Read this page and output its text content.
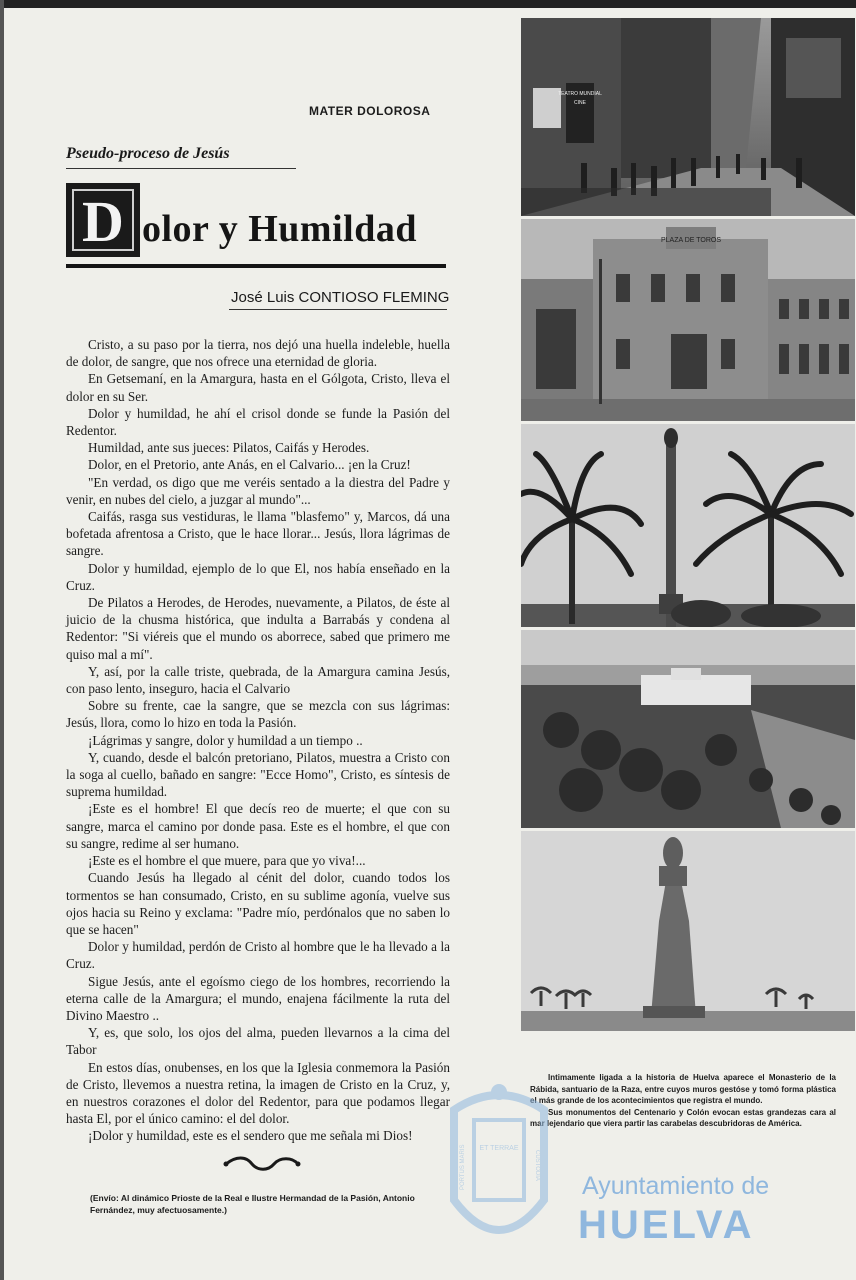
MATER DOLOROSA
Pseudo-proceso de Jesús
D olor y Humildad
José Luis CONTIOSO FLEMING

Cristo, a su paso por la tierra, nos dejó una huella indeleble, huella de dolor, de sangre, que nos ofrece una eternidad de gloria.

En Getsemaní, en la Amargura, hasta en el Gólgota, Cristo, lleva el dolor en su Ser.

Dolor y humildad, he ahí el crisol donde se funde la Pasión del Redentor.

Humildad, ante sus jueces: Pilatos, Caifás y Herodes.

Dolor, en el Pretorio, ante Anás, en el Calvario... ¡en la Cruz!

"En verdad, os digo que me veréis sentado a la diestra del Padre y venir, en nubes del cielo, a juzgar al mundo"...

Caifás, rasga sus vestiduras, le llama "blasfemo" y, Marcos, dá una bofetada afrentosa a Cristo, que le hace llorar... Jesús, llora lágrimas de sangre.

Dolor y humildad, ejemplo de lo que El, nos había enseñado en la Cruz.

De Pilatos a Herodes, de Herodes, nuevamente, a Pilatos, de éste al juicio de la chusma histórica, que indulta a Barrabás y condena al Redentor: "Si viéreis que el mundo os aborrece, sabed que primero me quiso mal a mí".

Y, así, por la calle triste, quebrada, de la Amargura camina Jesús, con paso lento, inseguro, hacia el Calvario

Sobre su frente, cae la sangre, que se mezcla con sus lágrimas: Jesús, llora, como lo hizo en toda la Pasión.

¡Lágrimas y sangre, dolor y humildad a un tiempo ..

Y, cuando, desde el balcón pretoriano, Pilatos, muestra a Cristo con la soga al cuello, bañado en sangre: "Ecce Homo", Cristo, es síntesis de suprema humildad.

¡Este es el hombre! El que decís reo de muerte; el que con su sangre, marca el camino por donde pasa. Este es el hombre, el que con su sangre, redime al ser humano.

¡Este es el hombre el que muere, para que yo viva!...

Cuando Jesús ha llegado al cénit del dolor, cuando todos los tormentos se han consumado, Cristo, en su sublime agonía, vuelve sus ojos hacia su Reino y exclama: "Padre mío, perdónalos que no saben lo que se hacen"

Dolor y humildad, perdón de Cristo al hombre que le ha llevado a la Cruz.

Sigue Jesús, ante el egoísmo ciego de los hombres, recorriendo la eterna calle de la Amargura; el mundo, enajena fácilmente la ruta del Divino Maestro ..

Y, es, que solo, los ojos del alma, pueden llevarnos a la cima del Tabor

En estos días, onubenses, en los que la Iglesia conmemora la Pasión de Cristo, llevemos a nuestra retina, la imagen de Cristo en la Cruz, y, en nuestros corazones el dolor del Redentor, para que podamos llegar hasta El, por el único camino: el del dolor.

¡Dolor y humildad, este es el sendero que me señala mi Dios!

(Envío: Al dinámico Prioste de la Real e Ilustre Hermandad de la Pasión, Antonio Fernández, muy afectuosamente.)
TEATRO MUNDIAL
CINE
PLAZA DE TOROS

Intimamente ligada a la historia de Huelva aparece el Monasterio de la Rábida, santuario de la Raza, entre cuyos muros gestóse y tomó forma plástica el más grande de los acontecimientos que registra el mundo.

Sus monumentos del Centenario y Colón evocan estas grandezas cara al mar lejendario que viera partir las carabelas descubridoras de América.

ET TERRAE
PORTUS MARIS	CUSTODIA
Ayuntamiento de
HUELVA
